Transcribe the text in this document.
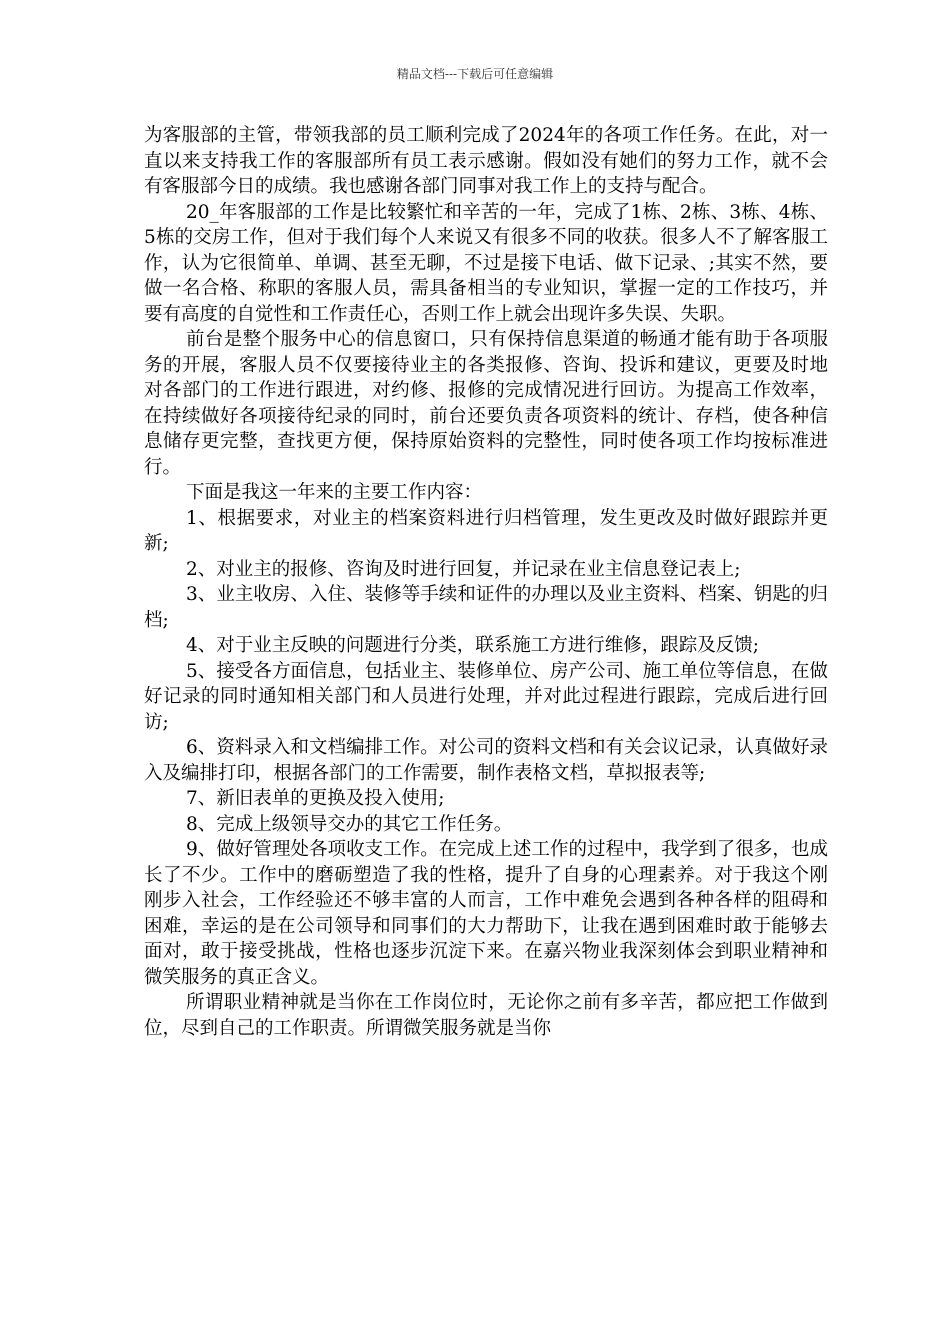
精品文档---下载后可任意编辑

为客服部的主管，带领我部的员工顺利完成了2024年的各项工作任务。在此，对一直以来支持我工作的客服部所有员工表示感谢。假如没有她们的努力工作，就不会有客服部今日的成绩。我也感谢各部门同事对我工作上的支持与配合。

20_年客服部的工作是比较繁忙和辛苦的一年，完成了1栋、2栋、3栋、4栋、5栋的交房工作，但对于我们每个人来说又有很多不同的收获。很多人不了解客服工作，认为它很简单、单调、甚至无聊，不过是接下电话、做下记录、;其实不然，要做一名合格、称职的客服人员，需具备相当的专业知识，掌握一定的工作技巧，并要有高度的自觉性和工作责任心，否则工作上就会出现许多失误、失职。

前台是整个服务中心的信息窗口，只有保持信息渠道的畅通才能有助于各项服务的开展，客服人员不仅要接待业主的各类报修、咨询、投诉和建议，更要及时地对各部门的工作进行跟进，对约修、报修的完成情况进行回访。为提高工作效率，在持续做好各项接待纪录的同时，前台还要负责各项资料的统计、存档，使各种信息储存更完整，查找更方便，保持原始资料的完整性，同时使各项工作均按标准进行。

下面是我这一年来的主要工作内容：

1、根据要求，对业主的档案资料进行归档管理，发生更改及时做好跟踪并更新;

2、对业主的报修、咨询及时进行回复，并记录在业主信息登记表上;

3、业主收房、入住、装修等手续和证件的办理以及业主资料、档案、钥匙的归档;

4、对于业主反映的问题进行分类，联系施工方进行维修，跟踪及反馈;

5、接受各方面信息，包括业主、装修单位、房产公司、施工单位等信息，在做好记录的同时通知相关部门和人员进行处理，并对此过程进行跟踪，完成后进行回访;

6、资料录入和文档编排工作。对公司的资料文档和有关会议记录，认真做好录入及编排打印，根据各部门的工作需要，制作表格文档，草拟报表等;

7、新旧表单的更换及投入使用;

8、完成上级领导交办的其它工作任务。

9、做好管理处各项收支工作。在完成上述工作的过程中，我学到了很多，也成长了不少。工作中的磨砺塑造了我的性格，提升了自身的心理素养。对于我这个刚刚步入社会，工作经验还不够丰富的人而言，工作中难免会遇到各种各样的阻碍和困难，幸运的是在公司领导和同事们的大力帮助下，让我在遇到困难时敢于能够去面对，敢于接受挑战，性格也逐步沉淀下来。在嘉兴物业我深刻体会到职业精神和微笑服务的真正含义。

所谓职业精神就是当你在工作岗位时，无论你之前有多辛苦，都应把工作做到位，尽到自己的工作职责。所谓微笑服务就是当你
